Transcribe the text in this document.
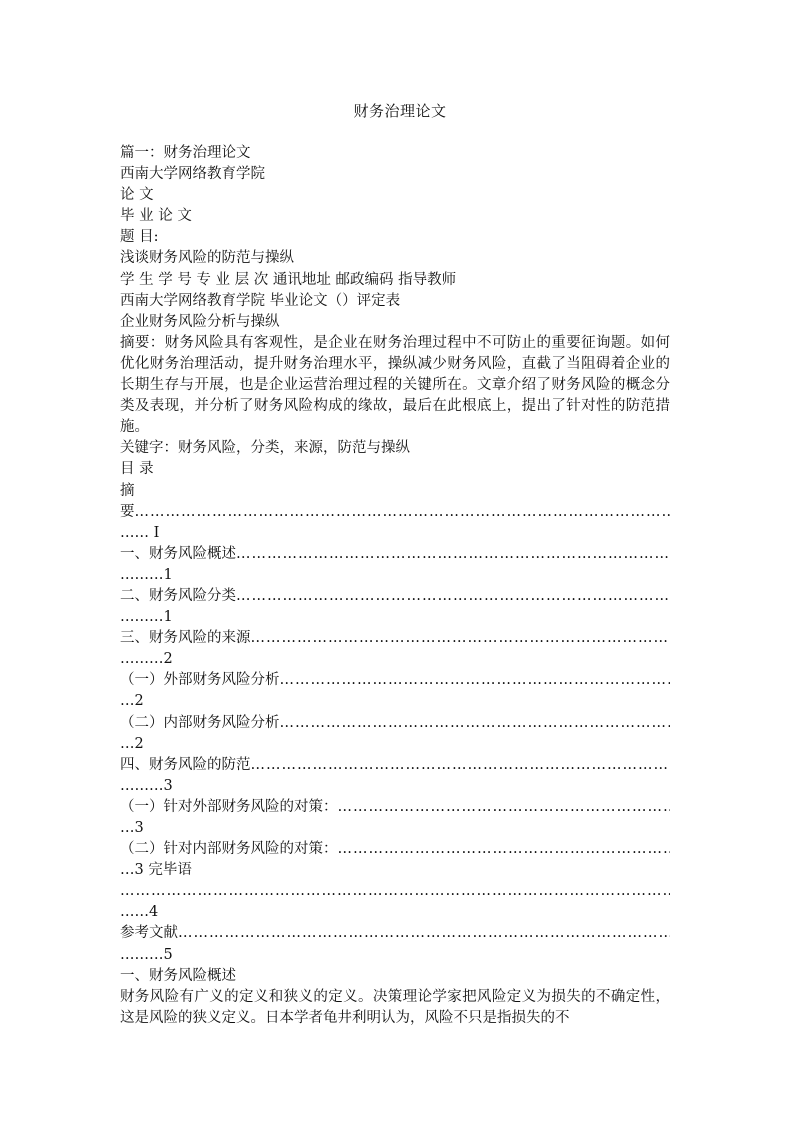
财务治理论文
篇一：财务治理论文
西南大学网络教育学院
论 文
毕 业 论 文
题 目:
浅谈财务风险的防范与操纵
学 生 学 号 专 业 层 次 通讯地址 邮政编码 指导教师
西南大学网络教育学院 毕业论文（）评定表
企业财务风险分析与操纵
摘要：财务风险具有客观性，是企业在财务治理过程中不可防止的重要征询题。如何优化财务治理活动，提升财务治理水平，操纵减少财务风险，直截了当阻碍着企业的长期生存与开展，也是企业运营治理过程的关键所在。文章介绍了财务风险的概念分类及表现，并分析了财务风险构成的缘故，最后在此根底上，提出了针对性的防范措施。
关键字：财务风险，分类，来源，防范与操纵
目 录
摘
要
……………………………………………………………………………………………………………………………………………………
…… I
一、财务风险概述
……………………………………………………………………………………………………………………………………………………
………1
二、财务风险分类
……………………………………………………………………………………………………………………………………………………
………1
三、财务风险的来源
……………………………………………………………………………………………………………………………………………………
………2
（一）外部财务风险分析
……………………………………………………………………………………………………………………………………………………
…2
（二）内部财务风险分析
……………………………………………………………………………………………………………………………………………………
…2
四、财务风险的防范
……………………………………………………………………………………………………………………………………………………
………3
（一）针对外部财务风险的对策：
……………………………………………………………………………………………………………………………………………………
…3
（二）针对内部财务风险的对策：
……………………………………………………………………………………………………………………………………………………
…3 完毕语
……………………………………………………………………………………………………………………………………………………
……4
参考文献
……………………………………………………………………………………………………………………………………………………
………5
一、财务风险概述
财务风险有广义的定义和狭义的定义。决策理论学家把风险定义为损失的不确定性，这是风险的狭义定义。日本学者龟井利明认为，风险不只是指损失的不
